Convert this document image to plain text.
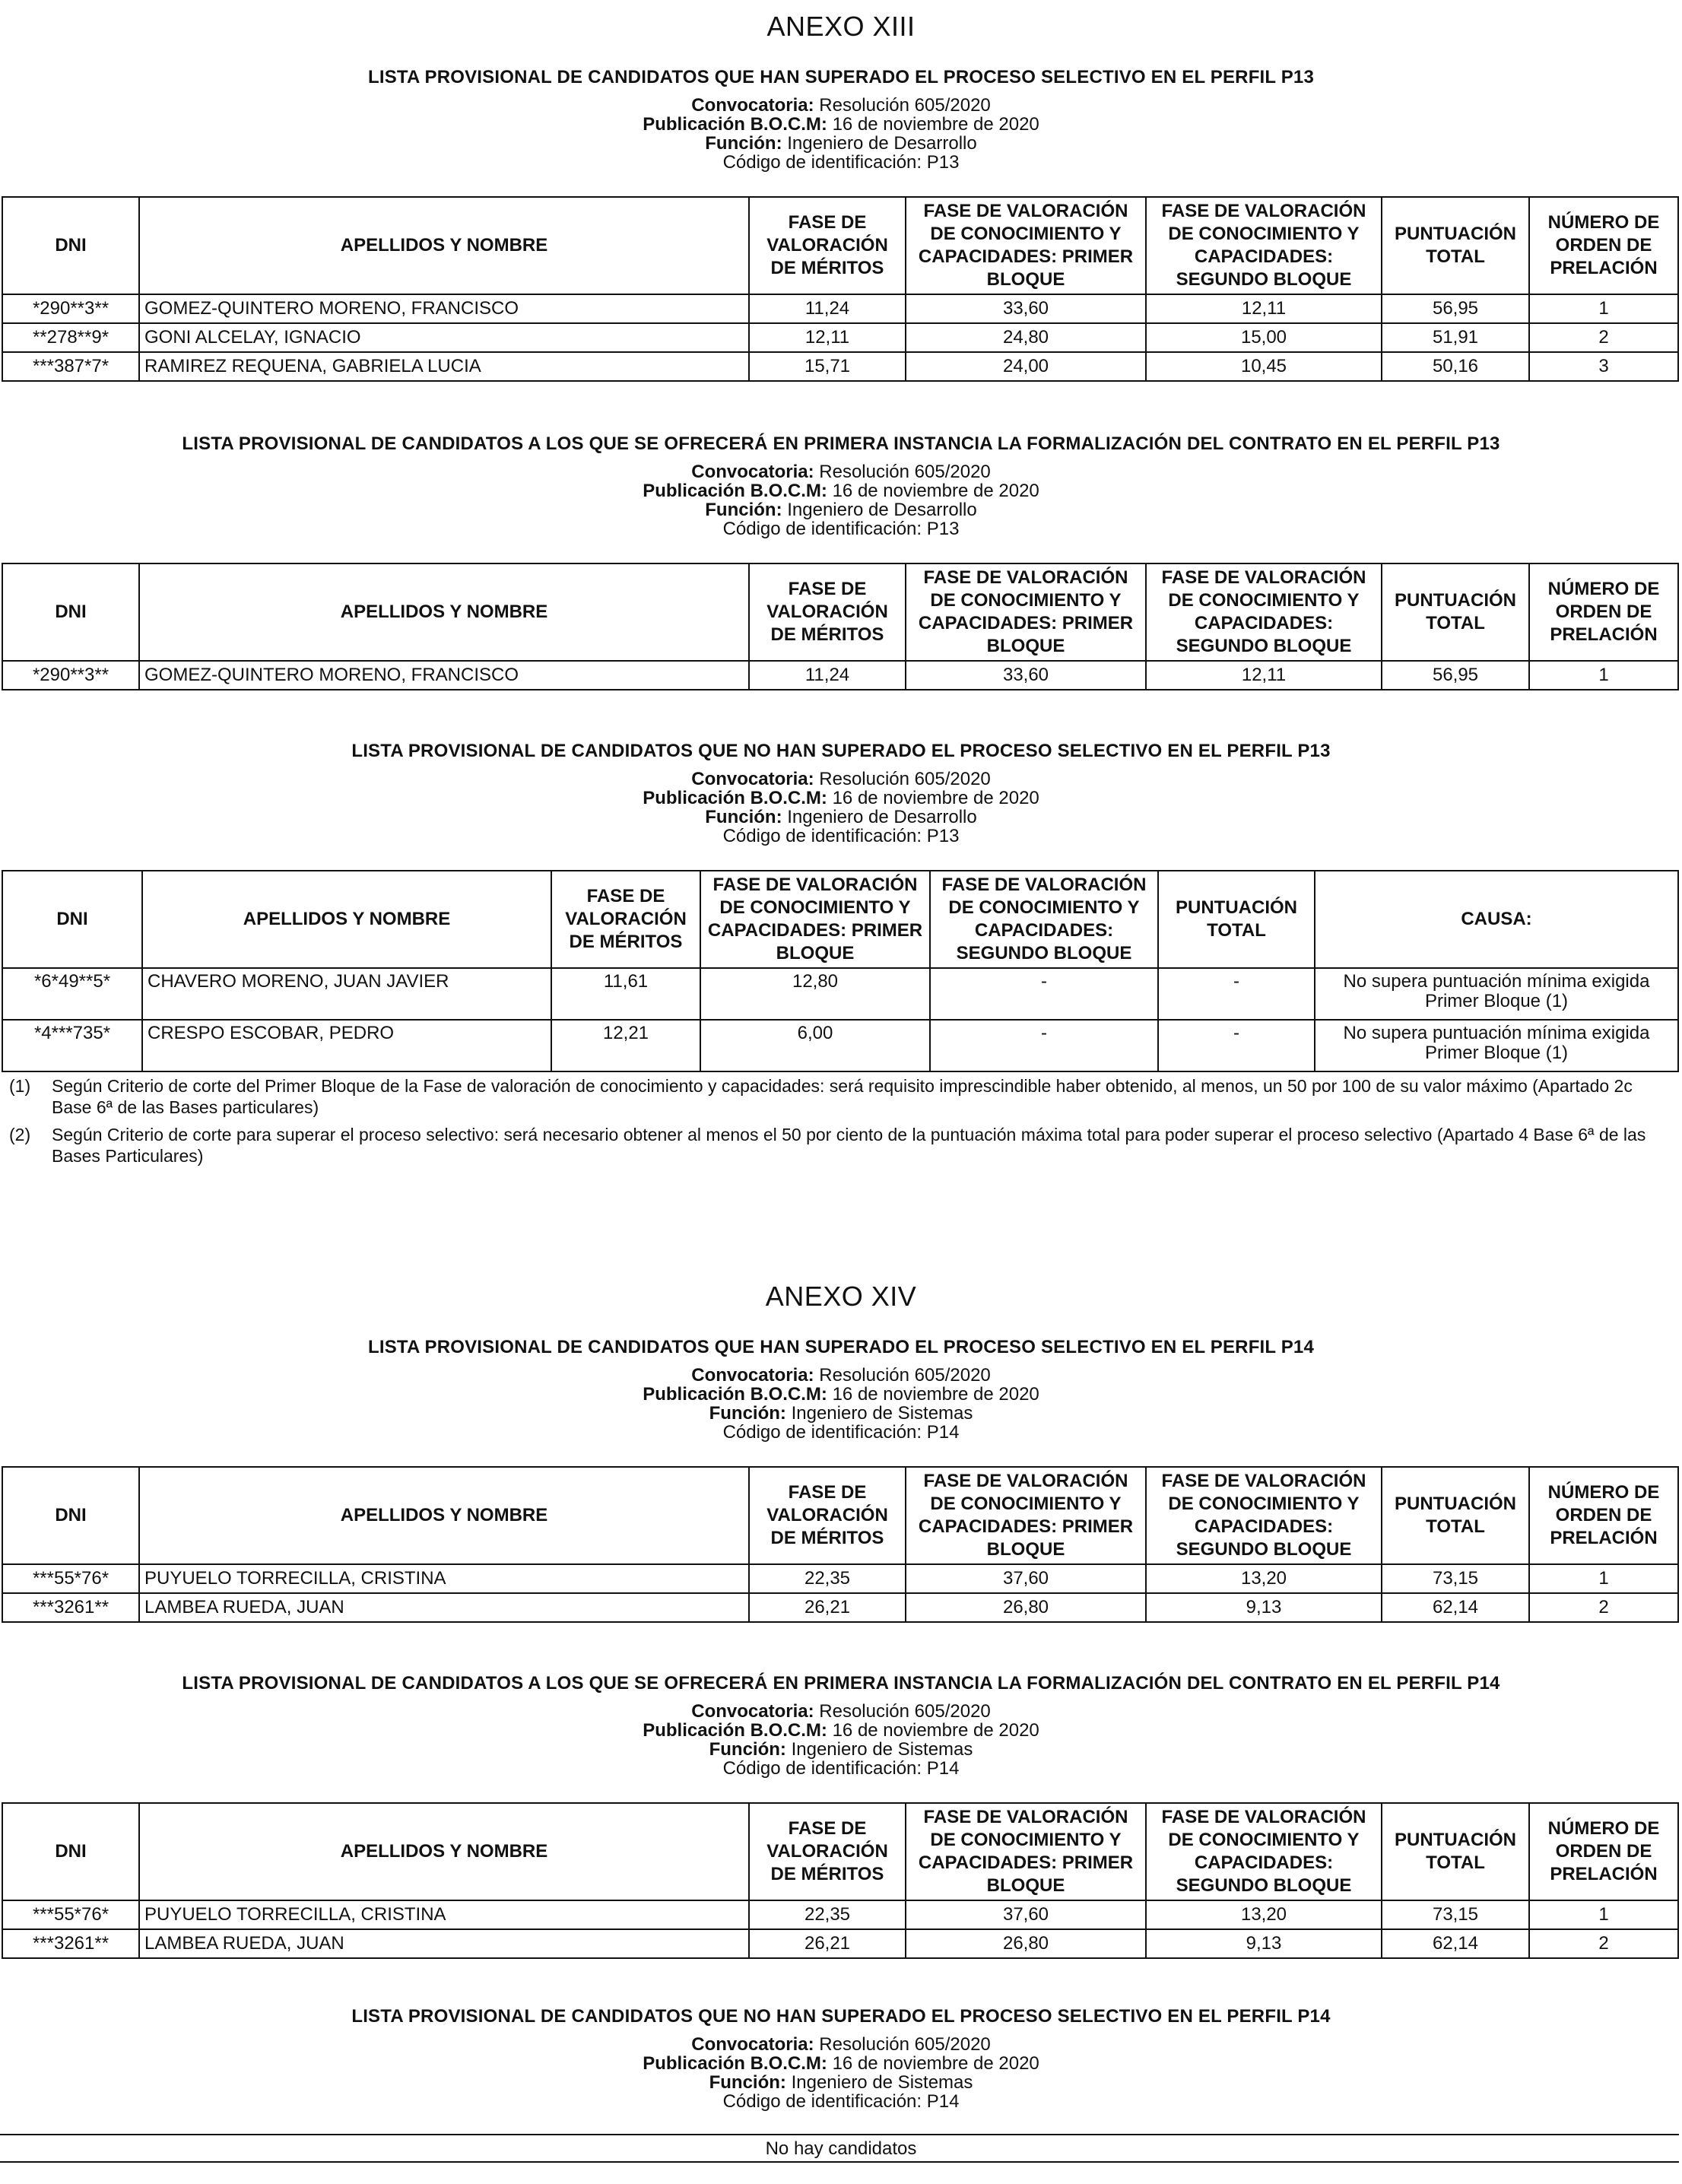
ANEXO XIII
LISTA PROVISIONAL DE CANDIDATOS QUE HAN SUPERADO EL PROCESO SELECTIVO EN EL PERFIL P13
Convocatoria: Resolución 605/2020
Publicación B.O.C.M: 16 de noviembre de 2020
Función: Ingeniero de Desarrollo
Código de identificación: P13
DNI	APELLIDOS Y NOMBRE	FASE DE VALORACIÓN DE MÉRITOS	FASE DE VALORACIÓN DE CONOCIMIENTO Y CAPACIDADES: PRIMER BLOQUE	FASE DE VALORACIÓN DE CONOCIMIENTO Y CAPACIDADES: SEGUNDO BLOQUE	PUNTUACIÓN TOTAL	NÚMERO DE ORDEN DE PRELACIÓN
*290**3**	GOMEZ-QUINTERO MORENO, FRANCISCO	11,24	33,60	12,11	56,95	1
**278**9*	GONI ALCELAY, IGNACIO	12,11	24,80	15,00	51,91	2
***387*7*	RAMIREZ REQUENA, GABRIELA LUCIA	15,71	24,00	10,45	50,16	3
LISTA PROVISIONAL DE CANDIDATOS A LOS QUE SE OFRECERÁ EN PRIMERA INSTANCIA LA FORMALIZACIÓN DEL CONTRATO EN EL PERFIL P13
Convocatoria: Resolución 605/2020
Publicación B.O.C.M: 16 de noviembre de 2020
Función: Ingeniero de Desarrollo
Código de identificación: P13
DNI	APELLIDOS Y NOMBRE	FASE DE VALORACIÓN DE MÉRITOS	FASE DE VALORACIÓN DE CONOCIMIENTO Y CAPACIDADES: PRIMER BLOQUE	FASE DE VALORACIÓN DE CONOCIMIENTO Y CAPACIDADES: SEGUNDO BLOQUE	PUNTUACIÓN TOTAL	NÚMERO DE ORDEN DE PRELACIÓN
*290**3**	GOMEZ-QUINTERO MORENO, FRANCISCO	11,24	33,60	12,11	56,95	1
LISTA PROVISIONAL DE CANDIDATOS QUE NO HAN SUPERADO EL PROCESO SELECTIVO EN EL PERFIL P13
Convocatoria: Resolución 605/2020
Publicación B.O.C.M: 16 de noviembre de 2020
Función: Ingeniero de Desarrollo
Código de identificación: P13
DNI	APELLIDOS Y NOMBRE	FASE DE VALORACIÓN DE MÉRITOS	FASE DE VALORACIÓN DE CONOCIMIENTO Y CAPACIDADES: PRIMER BLOQUE	FASE DE VALORACIÓN DE CONOCIMIENTO Y CAPACIDADES: SEGUNDO BLOQUE	PUNTUACIÓN TOTAL	CAUSA:
*6*49**5*	CHAVERO MORENO, JUAN JAVIER	11,61	12,80	-	-	No supera puntuación mínima exigida Primer Bloque (1)
*4***735*	CRESPO ESCOBAR, PEDRO	12,21	6,00	-	-	No supera puntuación mínima exigida Primer Bloque (1)
(1)	Según Criterio de corte del Primer Bloque de la Fase de valoración de conocimiento y capacidades: será requisito imprescindible haber obtenido, al menos, un 50 por 100 de su valor máximo (Apartado 2c Base 6ª de las Bases particulares)
(2)	Según Criterio de corte para superar el proceso selectivo: será necesario obtener al menos el 50 por ciento de la puntuación máxima total para poder superar el proceso selectivo (Apartado 4 Base 6ª de las Bases Particulares)
ANEXO XIV
LISTA PROVISIONAL DE CANDIDATOS QUE HAN SUPERADO EL PROCESO SELECTIVO EN EL PERFIL P14
Convocatoria: Resolución 605/2020
Publicación B.O.C.M: 16 de noviembre de 2020
Función: Ingeniero de Sistemas
Código de identificación: P14
DNI	APELLIDOS Y NOMBRE	FASE DE VALORACIÓN DE MÉRITOS	FASE DE VALORACIÓN DE CONOCIMIENTO Y CAPACIDADES: PRIMER BLOQUE	FASE DE VALORACIÓN DE CONOCIMIENTO Y CAPACIDADES: SEGUNDO BLOQUE	PUNTUACIÓN TOTAL	NÚMERO DE ORDEN DE PRELACIÓN
***55*76*	PUYUELO TORRECILLA, CRISTINA	22,35	37,60	13,20	73,15	1
***3261**	LAMBEA RUEDA, JUAN	26,21	26,80	9,13	62,14	2
LISTA PROVISIONAL DE CANDIDATOS A LOS QUE SE OFRECERÁ EN PRIMERA INSTANCIA LA FORMALIZACIÓN DEL CONTRATO EN EL PERFIL P14
Convocatoria: Resolución 605/2020
Publicación B.O.C.M: 16 de noviembre de 2020
Función: Ingeniero de Sistemas
Código de identificación: P14
DNI	APELLIDOS Y NOMBRE	FASE DE VALORACIÓN DE MÉRITOS	FASE DE VALORACIÓN DE CONOCIMIENTO Y CAPACIDADES: PRIMER BLOQUE	FASE DE VALORACIÓN DE CONOCIMIENTO Y CAPACIDADES: SEGUNDO BLOQUE	PUNTUACIÓN TOTAL	NÚMERO DE ORDEN DE PRELACIÓN
***55*76*	PUYUELO TORRECILLA, CRISTINA	22,35	37,60	13,20	73,15	1
***3261**	LAMBEA RUEDA, JUAN	26,21	26,80	9,13	62,14	2
LISTA PROVISIONAL DE CANDIDATOS QUE NO HAN SUPERADO EL PROCESO SELECTIVO EN EL PERFIL P14
Convocatoria: Resolución 605/2020
Publicación B.O.C.M: 16 de noviembre de 2020
Función: Ingeniero de Sistemas
Código de identificación: P14
No hay candidatos
